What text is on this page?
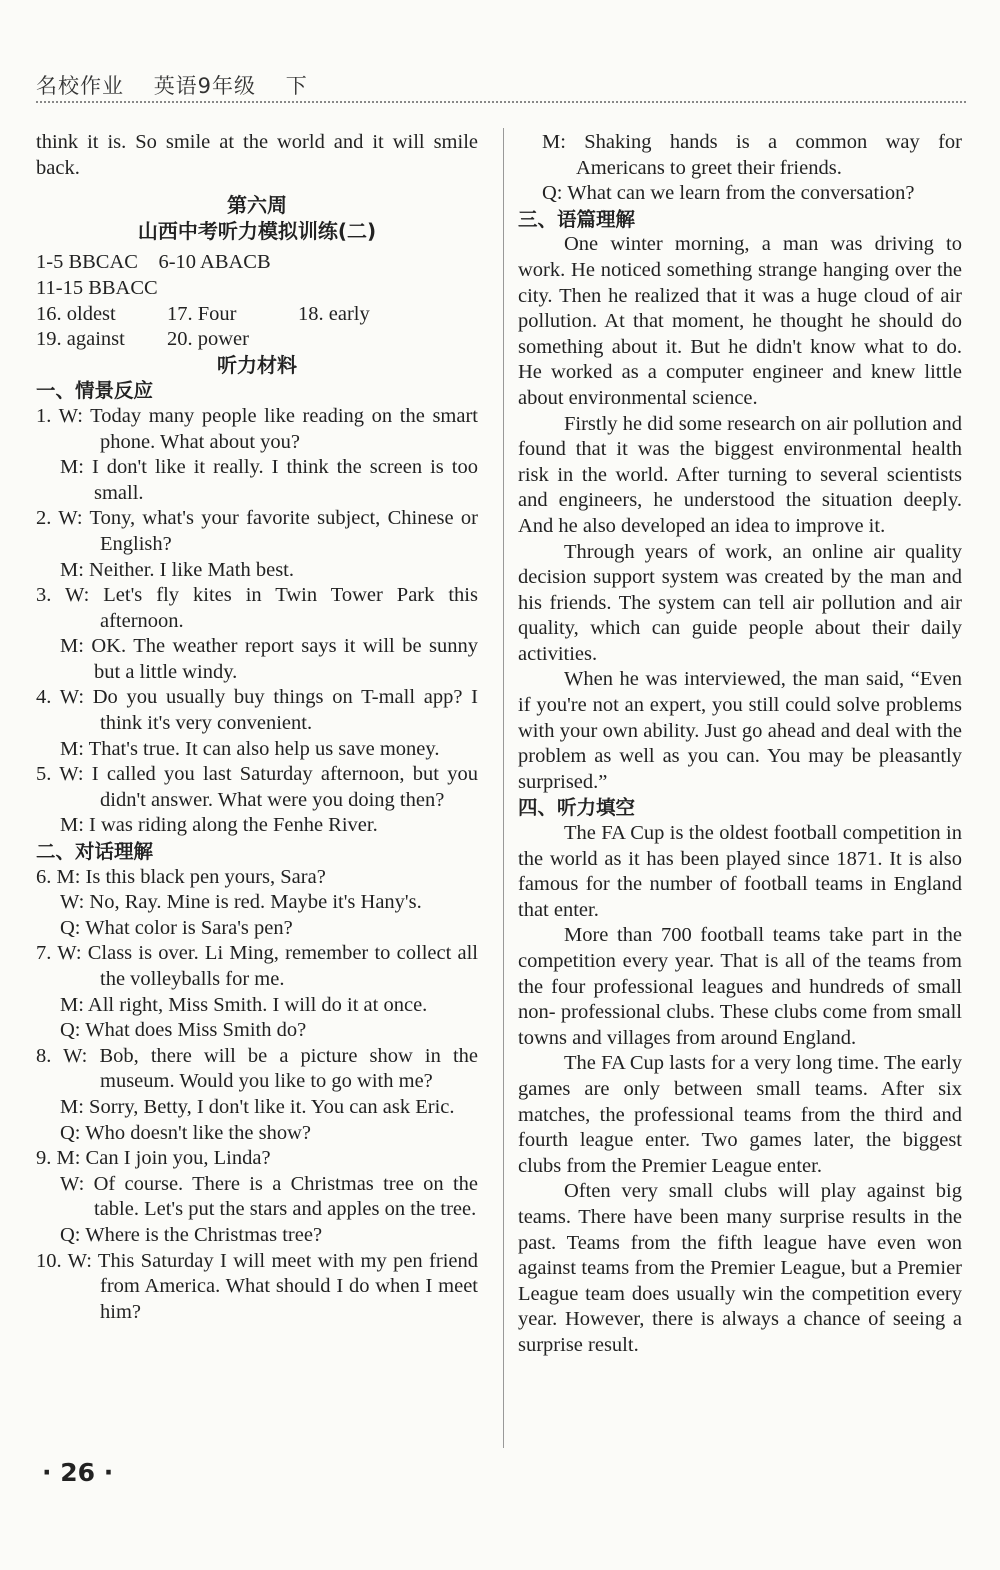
名校作业 英语9年级 下

think it is. So smile at the world and it will smile back.

第六周

山西中考听力模拟训练(二)

1-5 BBCAC　6-10 ABACB

11-15 BBACC

16. oldest	17. Four	18. early
19. against	20. power

听力材料

一、情景反应

1. W: Today many people like reading on the smart phone. What about you?

M: I don't like it really. I think the screen is too small.

2. W: Tony, what's your favorite subject, Chinese or English?

M: Neither. I like Math best.

3. W: Let's fly kites in Twin Tower Park this afternoon.

M: OK. The weather report says it will be sunny but a little windy.

4. W: Do you usually buy things on T-mall app? I think it's very convenient.

M: That's true. It can also help us save money.

5. W: I called you last Saturday afternoon, but you didn't answer. What were you doing then?

M: I was riding along the Fenhe River.

二、对话理解

6. M: Is this black pen yours, Sara?

W: No, Ray. Mine is red. Maybe it's Hany's.

Q: What color is Sara's pen?

7. W: Class is over. Li Ming, remember to collect all the volleyballs for me.

M: All right, Miss Smith. I will do it at once.

Q: What does Miss Smith do?

8. W: Bob, there will be a picture show in the museum. Would you like to go with me?

M: Sorry, Betty, I don't like it. You can ask Eric.

Q: Who doesn't like the show?

9. M: Can I join you, Linda?

W: Of course. There is a Christmas tree on the table. Let's put the stars and apples on the tree.

Q: Where is the Christmas tree?

10. W: This Saturday I will meet with my pen friend from America. What should I do when I meet him?

M: Shaking hands is a common way for Americans to greet their friends.

Q: What can we learn from the conversation?

三、语篇理解

One winter morning, a man was driving to work. He noticed something strange hanging over the city. Then he realized that it was a huge cloud of air pollution. At that moment, he thought he should do something about it. But he didn't know what to do. He worked as a computer engineer and knew little about environmental science.

Firstly he did some research on air pollution and found that it was the biggest environmental health risk in the world. After turning to several scientists and engineers, he understood the situation deeply. And he also developed an idea to improve it.

Through years of work, an online air quality decision support system was created by the man and his friends. The system can tell air pollution and air quality, which can guide people about their daily activities.

When he was interviewed, the man said, “Even if you're not an expert, you still could solve problems with your own ability. Just go ahead and deal with the problem as well as you can. You may be pleasantly surprised.”

四、听力填空

The FA Cup is the oldest football competition in the world as it has been played since 1871. It is also famous for the number of football teams in England that enter.

More than 700 football teams take part in the competition every year. That is all of the teams from the four professional leagues and hundreds of small non- professional clubs. These clubs come from small towns and villages from around England.

The FA Cup lasts for a very long time. The early games are only between small teams. After six matches, the professional teams from the third and fourth league enter. Two games later, the biggest clubs from the Premier League enter.

Often very small clubs will play against big teams. There have been many surprise results in the past. Teams from the fifth league have even won against teams from the Premier League, but a Premier League team does usually win the competition every year. However, there is always a chance of seeing a surprise result.

· 26 ·
